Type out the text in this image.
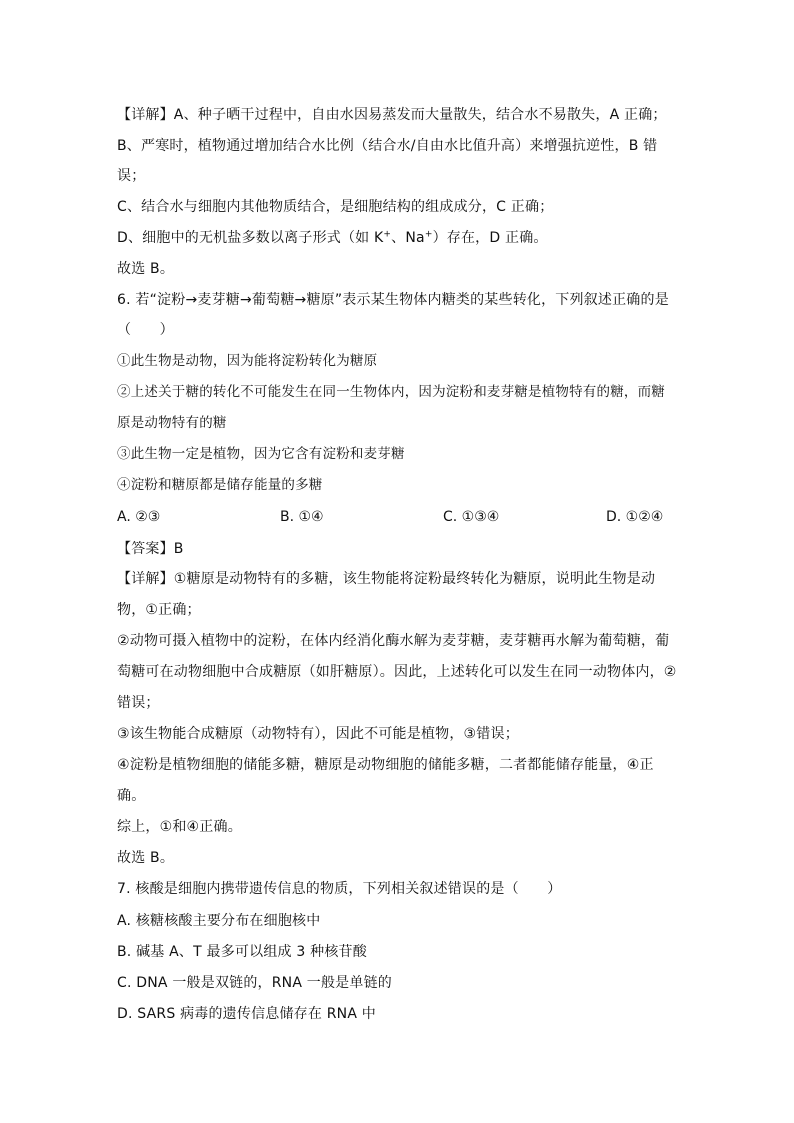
【详解】A、种子晒干过程中，自由水因易蒸发而大量散失，结合水不易散失，A 正确；
B、严寒时，植物通过增加结合水比例（结合水/自由水比值升高）来增强抗逆性，B 错
误；
C、结合水与细胞内其他物质结合，是细胞结构的组成成分，C 正确；
D、细胞中的无机盐多数以离子形式（如 K+、Na+）存在，D 正确。
故选 B。
6. 若“淀粉→麦芽糖→葡萄糖→糖原”表示某生物体内糖类的某些转化，下列叙述正确的是
（　　）
①此生物是动物，因为能将淀粉转化为糖原
②上述关于糖的转化不可能发生在同一生物体内，因为淀粉和麦芽糖是植物特有的糖，而糖
原是动物特有的糖
③此生物一定是植物，因为它含有淀粉和麦芽糖
④淀粉和糖原都是储存能量的多糖
A. ②③	B. ①④	C. ①③④	D. ①②④
【答案】B
【详解】①糖原是动物特有的多糖，该生物能将淀粉最终转化为糖原，说明此生物是动
物，①正确；
②动物可摄入植物中的淀粉，在体内经消化酶水解为麦芽糖，麦芽糖再水解为葡萄糖，葡
萄糖可在动物细胞中合成糖原（如肝糖原）。因此，上述转化可以发生在同一动物体内，②
错误；
③该生物能合成糖原（动物特有），因此不可能是植物，③错误；
④淀粉是植物细胞的储能多糖，糖原是动物细胞的储能多糖，二者都能储存能量，④正
确。
综上，①和④正确。
故选 B。
7. 核酸是细胞内携带遗传信息的物质，下列相关叙述错误的是（　　）
A. 核糖核酸主要分布在细胞核中
B. 碱基 A、T 最多可以组成 3 种核苷酸
C. DNA 一般是双链的，RNA 一般是单链的
D. SARS 病毒的遗传信息储存在 RNA 中
